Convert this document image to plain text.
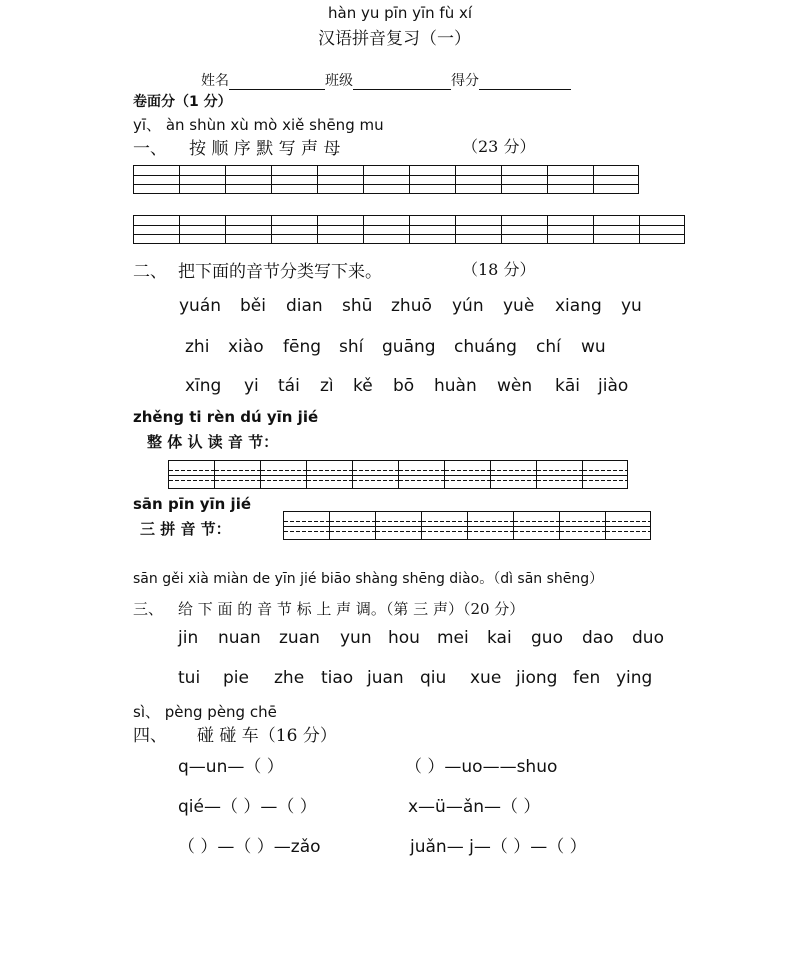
hàn yu pīn yīn fù xí
汉语拼音复习（一）
姓名	班级	得分
卷面分（1 分）
yī、 àn shùn xù mò xiě shēng mu
一、 按 顺 序 默 写 声 母	（23 分）
二、 把下面的音节分类写下来。	（18 分）
yuán	běi	dian	shū	zhuō	yún	yuè	xiang	yu
zhi	xiào	fēng	shí	guāng	chuáng	chí	wu
xīng	yi	tái	zì	kě	bō	huàn	wèn	kāi	jiào
zhěng ti rèn dú yīn jié
整 体 认 读 音 节：
sān pīn yīn jié
三 拼 音 节：
sān gěi xià miàn de yīn jié biāo shàng shēng diào。（dì sān shēng）
三、 给 下 面 的 音 节 标 上 声 调。（第 三 声）（20 分）
jin	nuan	zuan	yun hou	mei	kai	guo	dao	duo
tui	pie	zhe tiao juan qiu	xue jiong fen ying
sì、 pèng pèng chē
四、 碰 碰 车（16 分）
q—un—（ ）	（ ）—uo——shuo
qié—（ ）—（ ）	x—ü—ǎn—（ ）
（ ）—（ ）—zǎo	juǎn— j—（ ）—（ ）
